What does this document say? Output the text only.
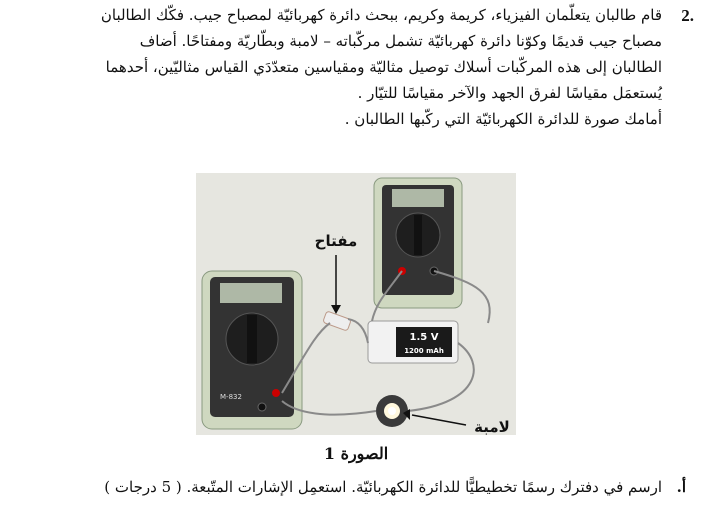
2.
قام طالبان يتعلّمان الفيزياء، كريمة وكريم، ببحث دائرة كهربائيّة لمصباح جيب. فكّك الطالبان
مصباح جيب قديمًا وكوّنا دائرة كهربائيّة تشمل مركّباته – لامبة وبطّاريّة ومفتاحًا. أضاف
الطالبان إلى هذه المركّبات أسلاك توصيل مثاليّة ومقياسين متعدّدَي القياس مثاليّين، أحدهما
يُستعمَل مقياسًا لفرق الجهد والآخر مقياسًا للتيّار .
أمامك صورة للدائرة الكهربائيّة التي ركّبها الطالبان .
M-832
1.5 V
1200 mAh
مفتاح
لامبة
الصورة 1
أ.
ارسم في دفترك رسمًا تخطيطيًّا للدائرة الكهربائيّة. استعمِل الإشارات المتّبعة. ( 5 درجات )
